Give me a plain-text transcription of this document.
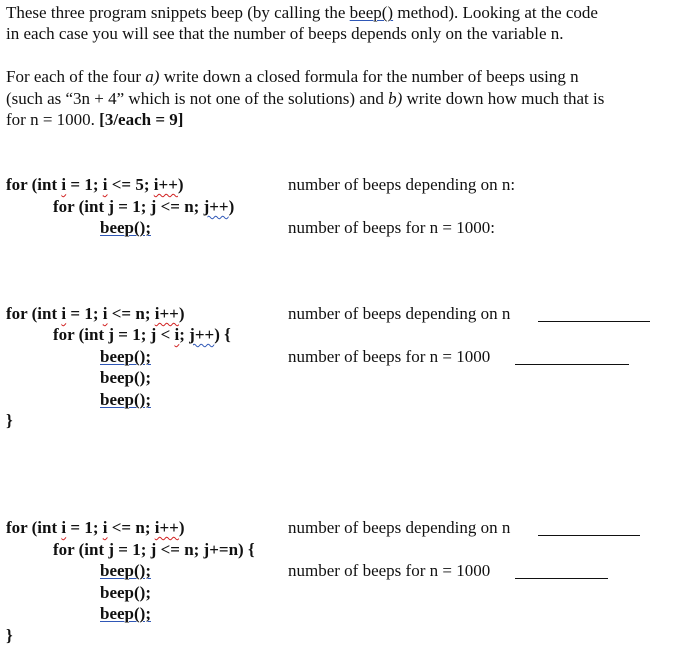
These three program snippets beep (by calling the beep() method). Looking at the code
in each case you will see that the number of beeps depends only on the variable n.
For each of the four a) write down a closed formula for the number of beeps using n
(such as “3n + 4” which is not one of the solutions) and b) write down how much that is
for n = 1000. [3/each = 9]
for (int i = 1; i <= 5; i++)
for (int j = 1; j <= n; j++)
beep();
number of beeps depending on n:
number of beeps for n = 1000:
for (int i = 1; i <= n; i++)
for (int j = 1; j < i; j++) {
beep();
beep();
beep();
}
number of beeps depending on n
number of beeps for n = 1000
for (int i = 1; i <= n; i++)
for (int j = 1; j <= n; j+=n) {
beep();
beep();
beep();
}
number of beeps depending on n
number of beeps for n = 1000
